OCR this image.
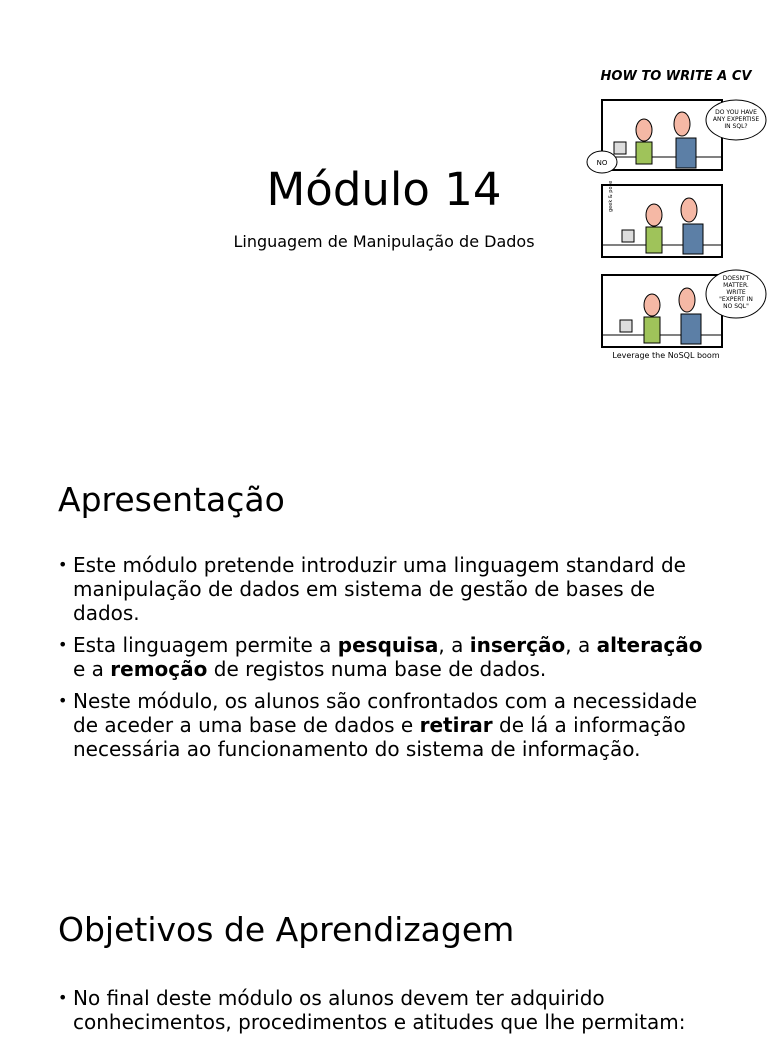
Módulo 14

Linguagem de Manipulação de Dados

HOW TO WRITE A CV
DO YOU HAVE
ANY EXPERTISE
IN SQL?
NO
geek & poke
DOESN'T
MATTER.
WRITE
"EXPERT IN
NO SQL"
Leverage the NoSQL boom
Apresentação
• Este módulo pretende introduzir uma linguagem standard de manipulação de dados em sistema de gestão de bases de dados.
• Esta linguagem permite a pesquisa, a inserção, a alteração e a remoção de registos numa base de dados.
• Neste módulo, os alunos são confrontados com a necessidade de aceder a uma base de dados e retirar de lá a informação necessária ao funcionamento do sistema de informação.
Objetivos de Aprendizagem
• No final deste módulo os alunos devem ter adquirido conhecimentos, procedimentos e atitudes que lhe permitam:
